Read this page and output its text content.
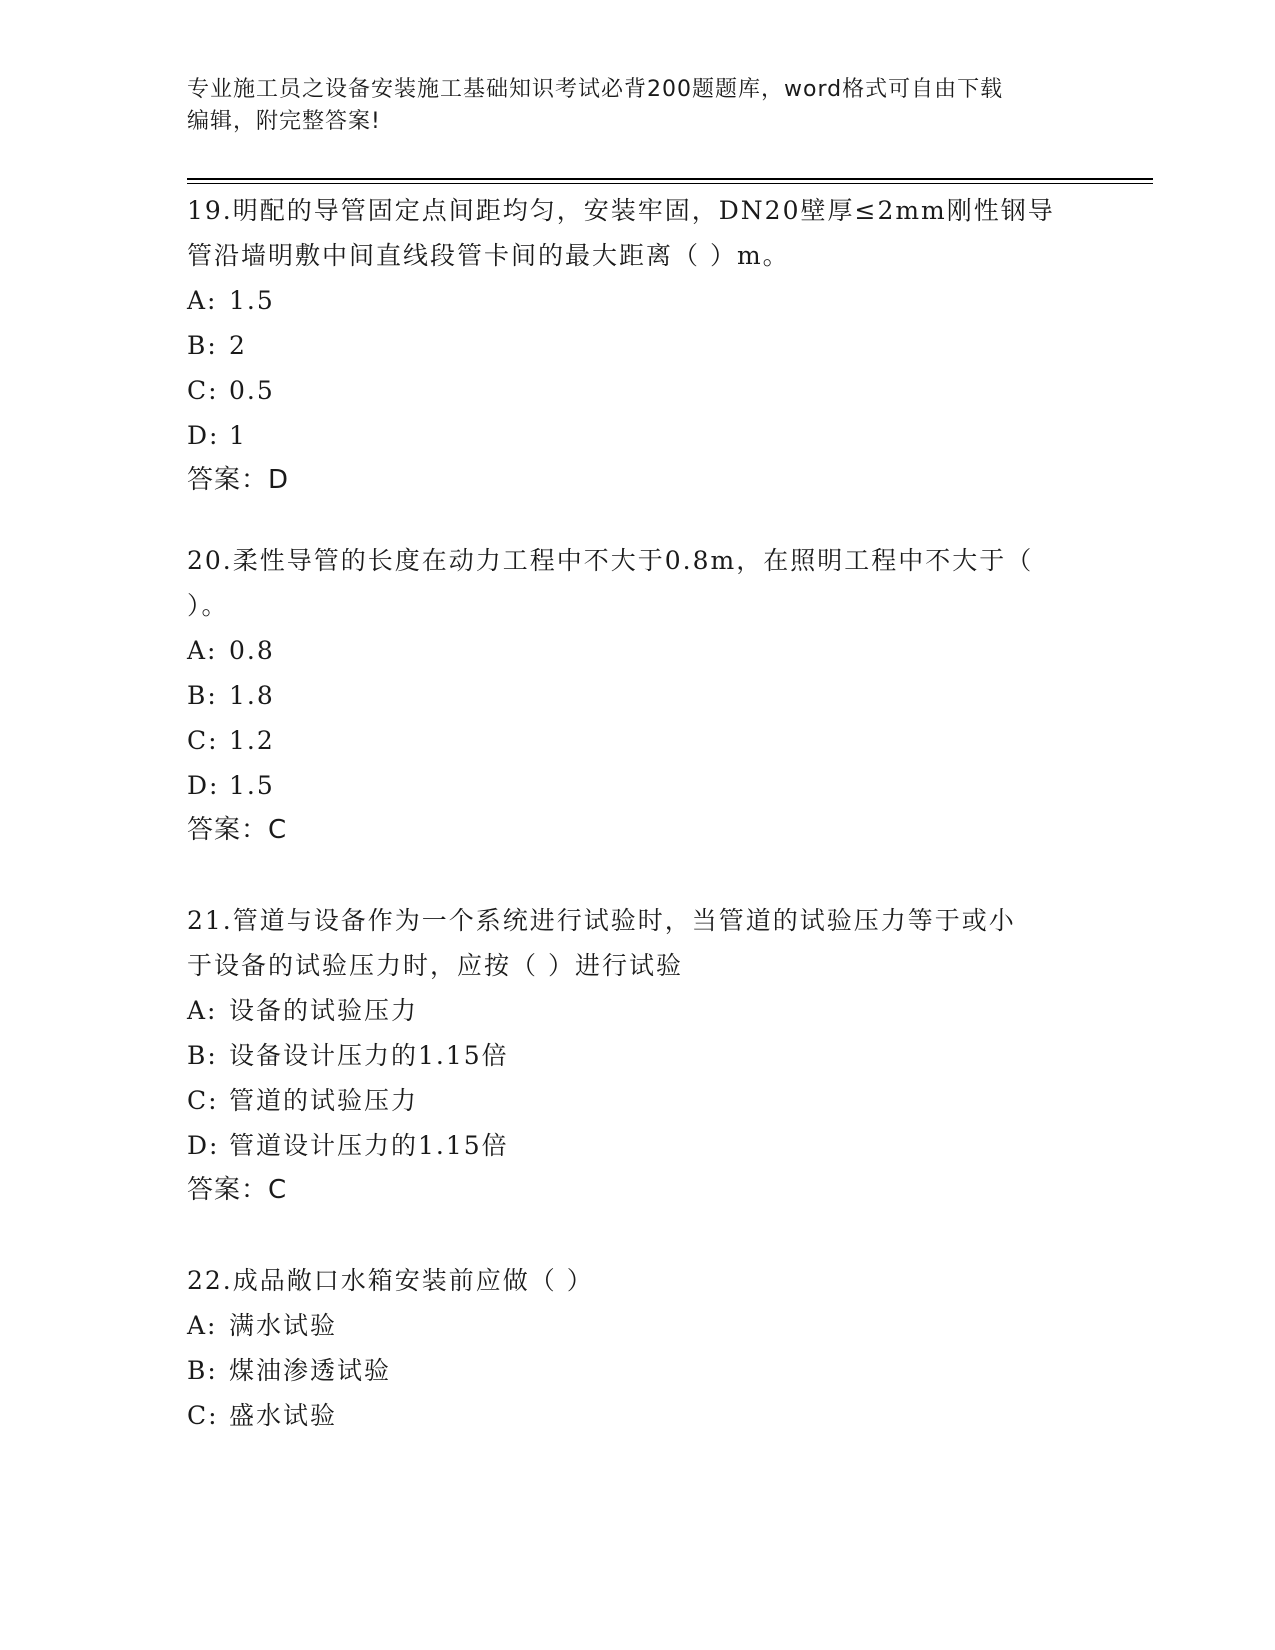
专业施工员之设备安装施工基础知识考试必背200题题库，word格式可自由下载
编辑，附完整答案!
19.明配的导管固定点间距均匀，安装牢固，DN20壁厚≤2mm刚性钢导
管沿墙明敷中间直线段管卡间的最大距离（ ）m。
A: 1.5
B: 2
C: 0.5
D: 1
答案：D
20.柔性导管的长度在动力工程中不大于0.8m，在照明工程中不大于（
）。
A: 0.8
B: 1.8
C: 1.2
D: 1.5
答案：C
21.管道与设备作为一个系统进行试验时，当管道的试验压力等于或小
于设备的试验压力时，应按（ ）进行试验
A: 设备的试验压力
B: 设备设计压力的1.15倍
C: 管道的试验压力
D: 管道设计压力的1.15倍
答案：C
22.成品敞口水箱安装前应做（ ）
A: 满水试验
B: 煤油渗透试验
C: 盛水试验
